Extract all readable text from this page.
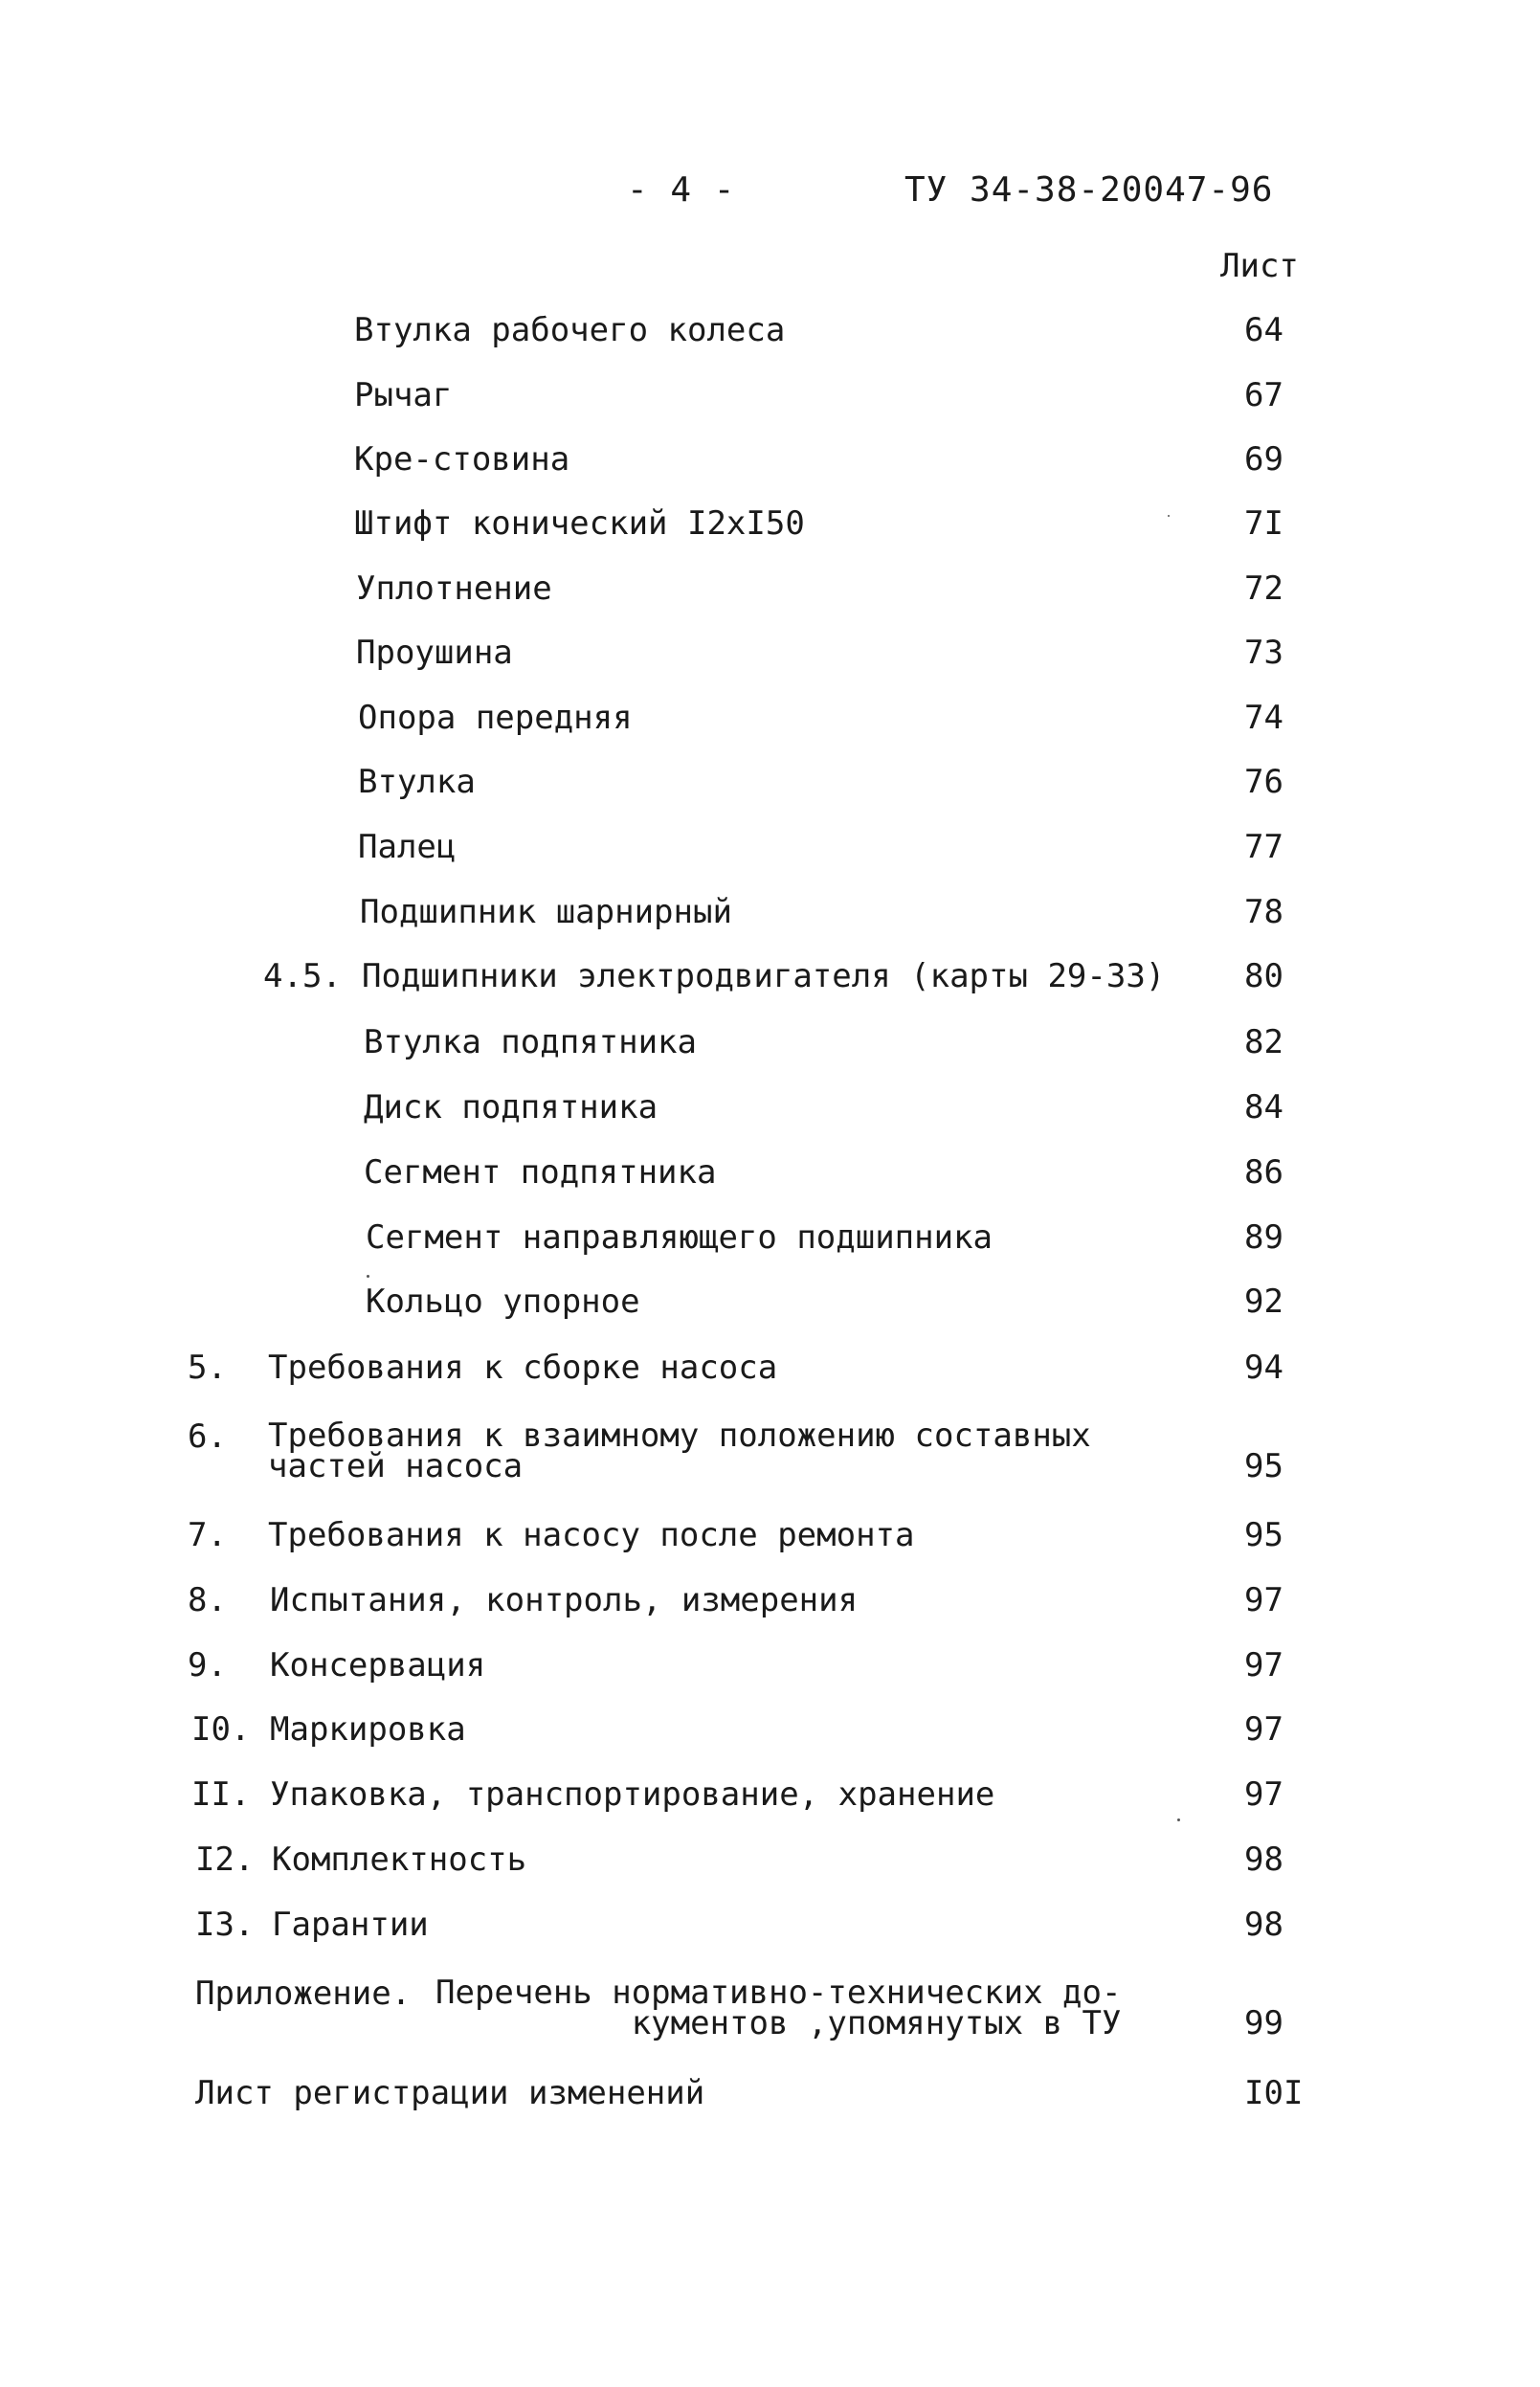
- 4 -	ТУ 34-38-20047-96
Лист
Втулка рабочего колеса	64
Рычаг	67
Кре-стовина	69
Штифт конический I2xI50	7I
Уплотнение	72
Проушина	73
Опора передняя	74
Втулка	76
Палец	77
Подшипник шарнирный	78
4.5. Подшипники электродвигателя (карты 29-33) 80
Втулка подпятника	82
Диск подпятника	84
Сегмент подпятника	86
Сегмент направляющего подшипника	89
Кольцо упорное	92
5. Требования к сборке насоса	94
6. Требования к взаимному положению составных
частей насоса	95
7. Требования к насосу после ремонта	95
8. Испытания, контроль, измерения	97
9. Консервация	97
I0. Маркировка	97
II. Упаковка, транспортирование, хранение	97
I2. Комплектность	98
I3. Гарантии	98
Приложение. Перечень нормативно-технических до-
кументов ,упомянутых в ТУ	99
Лист регистрации изменений	I0I
